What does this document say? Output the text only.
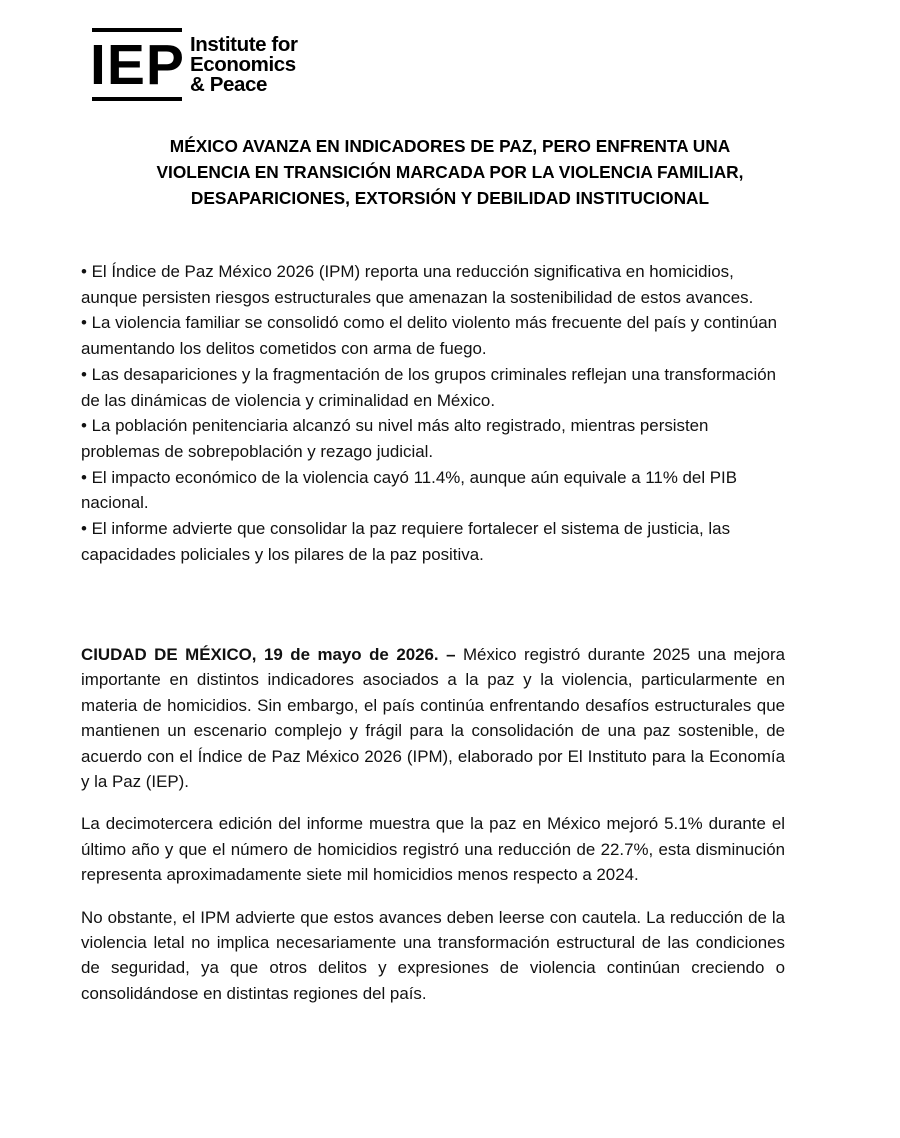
IEP Institute for
Economics
& Peace
MÉXICO AVANZA EN INDICADORES DE PAZ, PERO ENFRENTA UNA
VIOLENCIA EN TRANSICIÓN MARCADA POR LA VIOLENCIA FAMILIAR,
DESAPARICIONES, EXTORSIÓN Y DEBILIDAD INSTITUCIONAL
• El Índice de Paz México 2026 (IPM) reporta una reducción significativa en homicidios, aunque persisten riesgos estructurales que amenazan la sostenibilidad de estos avances.
• La violencia familiar se consolidó como el delito violento más frecuente del país y continúan aumentando los delitos cometidos con arma de fuego.
• Las desapariciones y la fragmentación de los grupos criminales reflejan una transformación de las dinámicas de violencia y criminalidad en México.
• La población penitenciaria alcanzó su nivel más alto registrado, mientras persisten problemas de sobrepoblación y rezago judicial.
• El impacto económico de la violencia cayó 11.4%, aunque aún equivale a 11% del PIB nacional.
• El informe advierte que consolidar la paz requiere fortalecer el sistema de justicia, las capacidades policiales y los pilares de la paz positiva.

CIUDAD DE MÉXICO, 19 de mayo de 2026. – México registró durante 2025 una mejora importante en distintos indicadores asociados a la paz y la violencia, particularmente en materia de homicidios. Sin embargo, el país continúa enfrentando desafíos estructurales que mantienen un escenario complejo y frágil para la consolidación de una paz sostenible, de acuerdo con el Índice de Paz México 2026 (IPM), elaborado por El Instituto para la Economía y la Paz (IEP).

La decimotercera edición del informe muestra que la paz en México mejoró 5.1% durante el último año y que el número de homicidios registró una reducción de 22.7%, esta disminución representa aproximadamente siete mil homicidios menos respecto a 2024.

No obstante, el IPM advierte que estos avances deben leerse con cautela. La reducción de la violencia letal no implica necesariamente una transformación estructural de las condiciones de seguridad, ya que otros delitos y expresiones de violencia continúan creciendo o consolidándose en distintas regiones del país.
